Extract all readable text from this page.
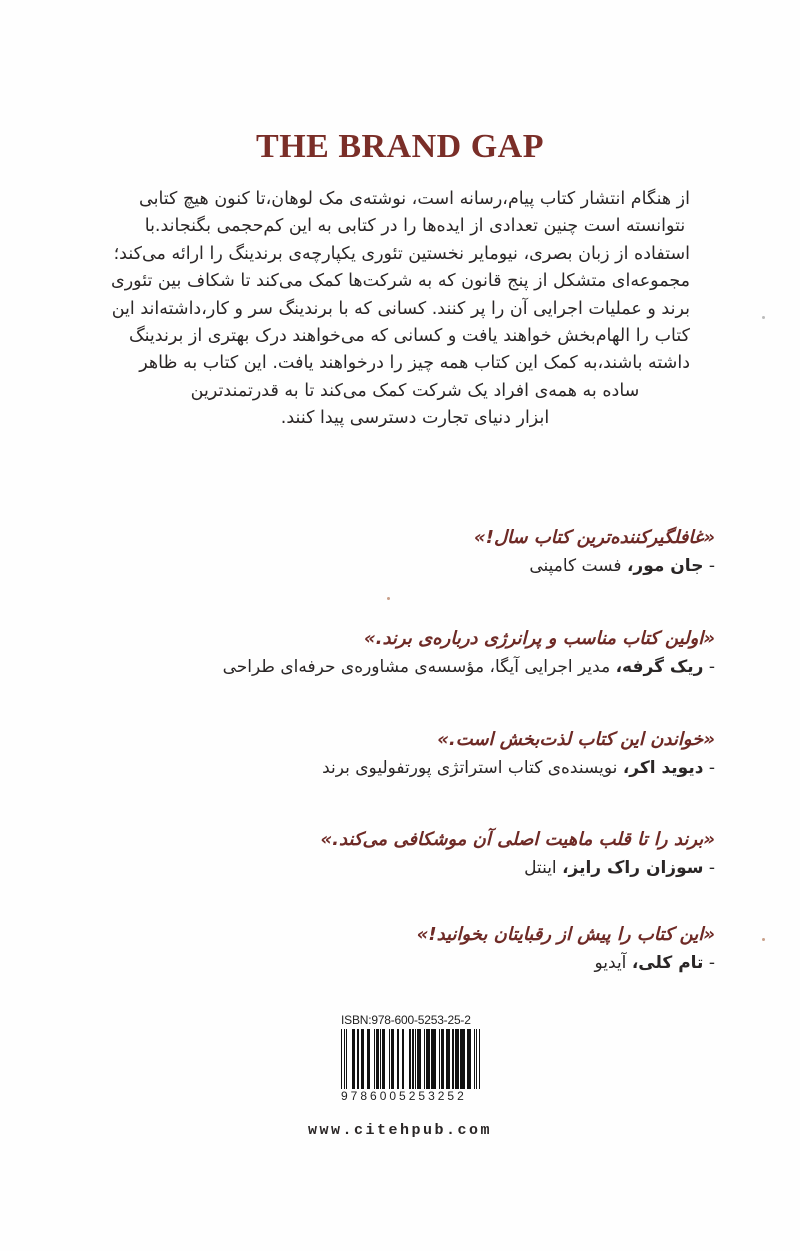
THE BRAND GAP
از هنگام انتشار کتاب پیام،رسانه است، نوشته‌ی مک لوهان،تا کنون هیچ کتابی
نتوانسته است چنین تعدادی از ایده‌ها را در کتابی به این کم‌حجمی بگنجاند.با
استفاده از زبان بصری، نیومایر نخستین تئوری یکپارچه‌ی برندینگ را ارائه می‌کند؛
مجموعه‌ای متشکل از پنج قانون که به شرکت‌ها کمک می‌کند تا شکاف بین تئوری
برند و عملیات اجرایی آن را پر کنند. کسانی که با برندینگ سر و کار،داشته‌اند این
کتاب را الهام‌بخش خواهند یافت و کسانی که می‌خواهند درک بهتری از برندینگ
داشته باشند،به کمک این کتاب همه چیز را درخواهند یافت. این کتاب به ظاهر
ساده به همه‌ی افراد یک شرکت کمک می‌کند تا به قدرتمندترین
ابزار دنیای تجارت دسترسی پیدا کنند.
«غافلگیرکننده‌ترین کتاب سال!»
- جان مور، فست کامپنی
«اولین کتاب مناسب و پرانرژی درباره‌ی برند.»
- ریک گرفه، مدیر اجرایی آیگا، مؤسسه‌ی مشاوره‌ی حرفه‌ای طراحی
«خواندن این کتاب لذت‌بخش است.»
- دیوید اکر، نویسنده‌ی کتاب استراتژی پورتفولیوی برند
«برند را تا قلب ماهیت اصلی آن موشکافی می‌کند.»
- سوزان راک رایز، اینتل
«این کتاب را پیش از رقبایتان بخوانید!»
- تام کلی، آیدیو
ISBN:978-600-5253-25-2
9786005253252
www.citehpub.com
